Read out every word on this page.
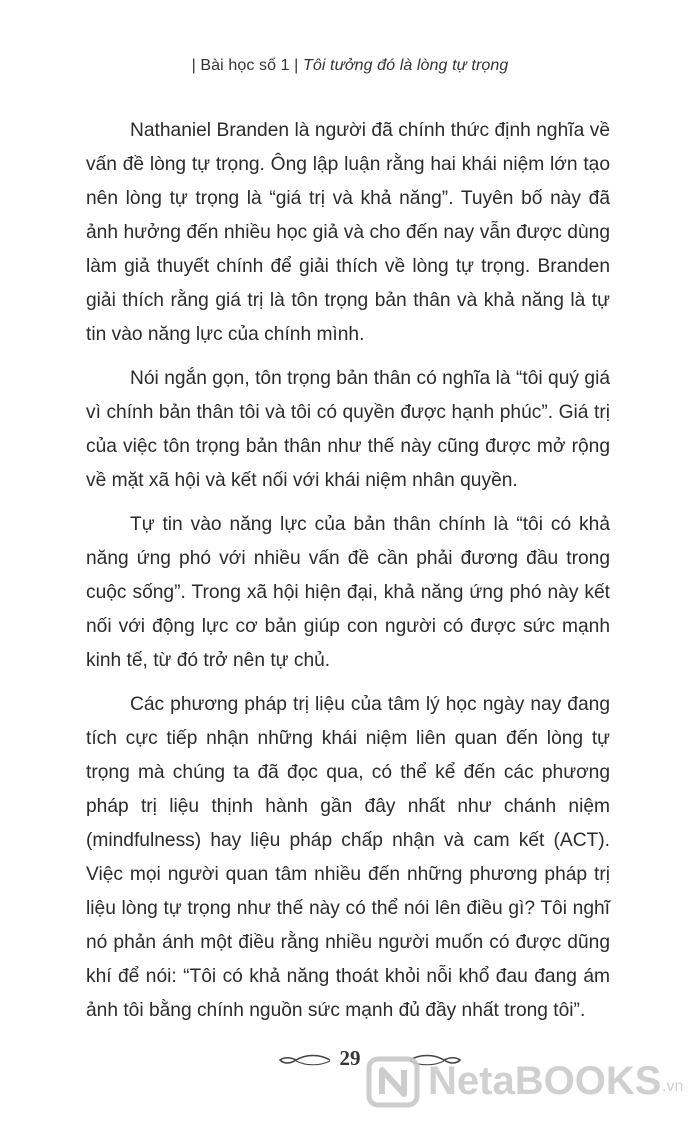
| Bài học số 1 | Tôi tưởng đó là lòng tự trọng

Nathaniel Branden là người đã chính thức định nghĩa về vấn đề lòng tự trọng. Ông lập luận rằng hai khái niệm lớn tạo nên lòng tự trọng là “giá trị và khả năng”. Tuyên bố này đã ảnh hưởng đến nhiều học giả và cho đến nay vẫn được dùng làm giả thuyết chính để giải thích về lòng tự trọng. Branden giải thích rằng giá trị là tôn trọng bản thân và khả năng là tự tin vào năng lực của chính mình.

Nói ngắn gọn, tôn trọng bản thân có nghĩa là “tôi quý giá vì chính bản thân tôi và tôi có quyền được hạnh phúc”. Giá trị của việc tôn trọng bản thân như thế này cũng được mở rộng về mặt xã hội và kết nối với khái niệm nhân quyền.

Tự tin vào năng lực của bản thân chính là “tôi có khả năng ứng phó với nhiều vấn đề cần phải đương đầu trong cuộc sống”. Trong xã hội hiện đại, khả năng ứng phó này kết nối với động lực cơ bản giúp con người có được sức mạnh kinh tế, từ đó trở nên tự chủ.

Các phương pháp trị liệu của tâm lý học ngày nay đang tích cực tiếp nhận những khái niệm liên quan đến lòng tự trọng mà chúng ta đã đọc qua, có thể kể đến các phương pháp trị liệu thịnh hành gần đây nhất như chánh niệm (mindfulness) hay liệu pháp chấp nhận và cam kết (ACT). Việc mọi người quan tâm nhiều đến những phương pháp trị liệu lòng tự trọng như thế này có thể nói lên điều gì? Tôi nghĩ nó phản ánh một điều rằng nhiều người muốn có được dũng khí để nói: “Tôi có khả năng thoát khỏi nỗi khổ đau đang ám ảnh tôi bằng chính nguồn sức mạnh đủ đầy nhất trong tôi”.

29
NetaBOOKS .vn
